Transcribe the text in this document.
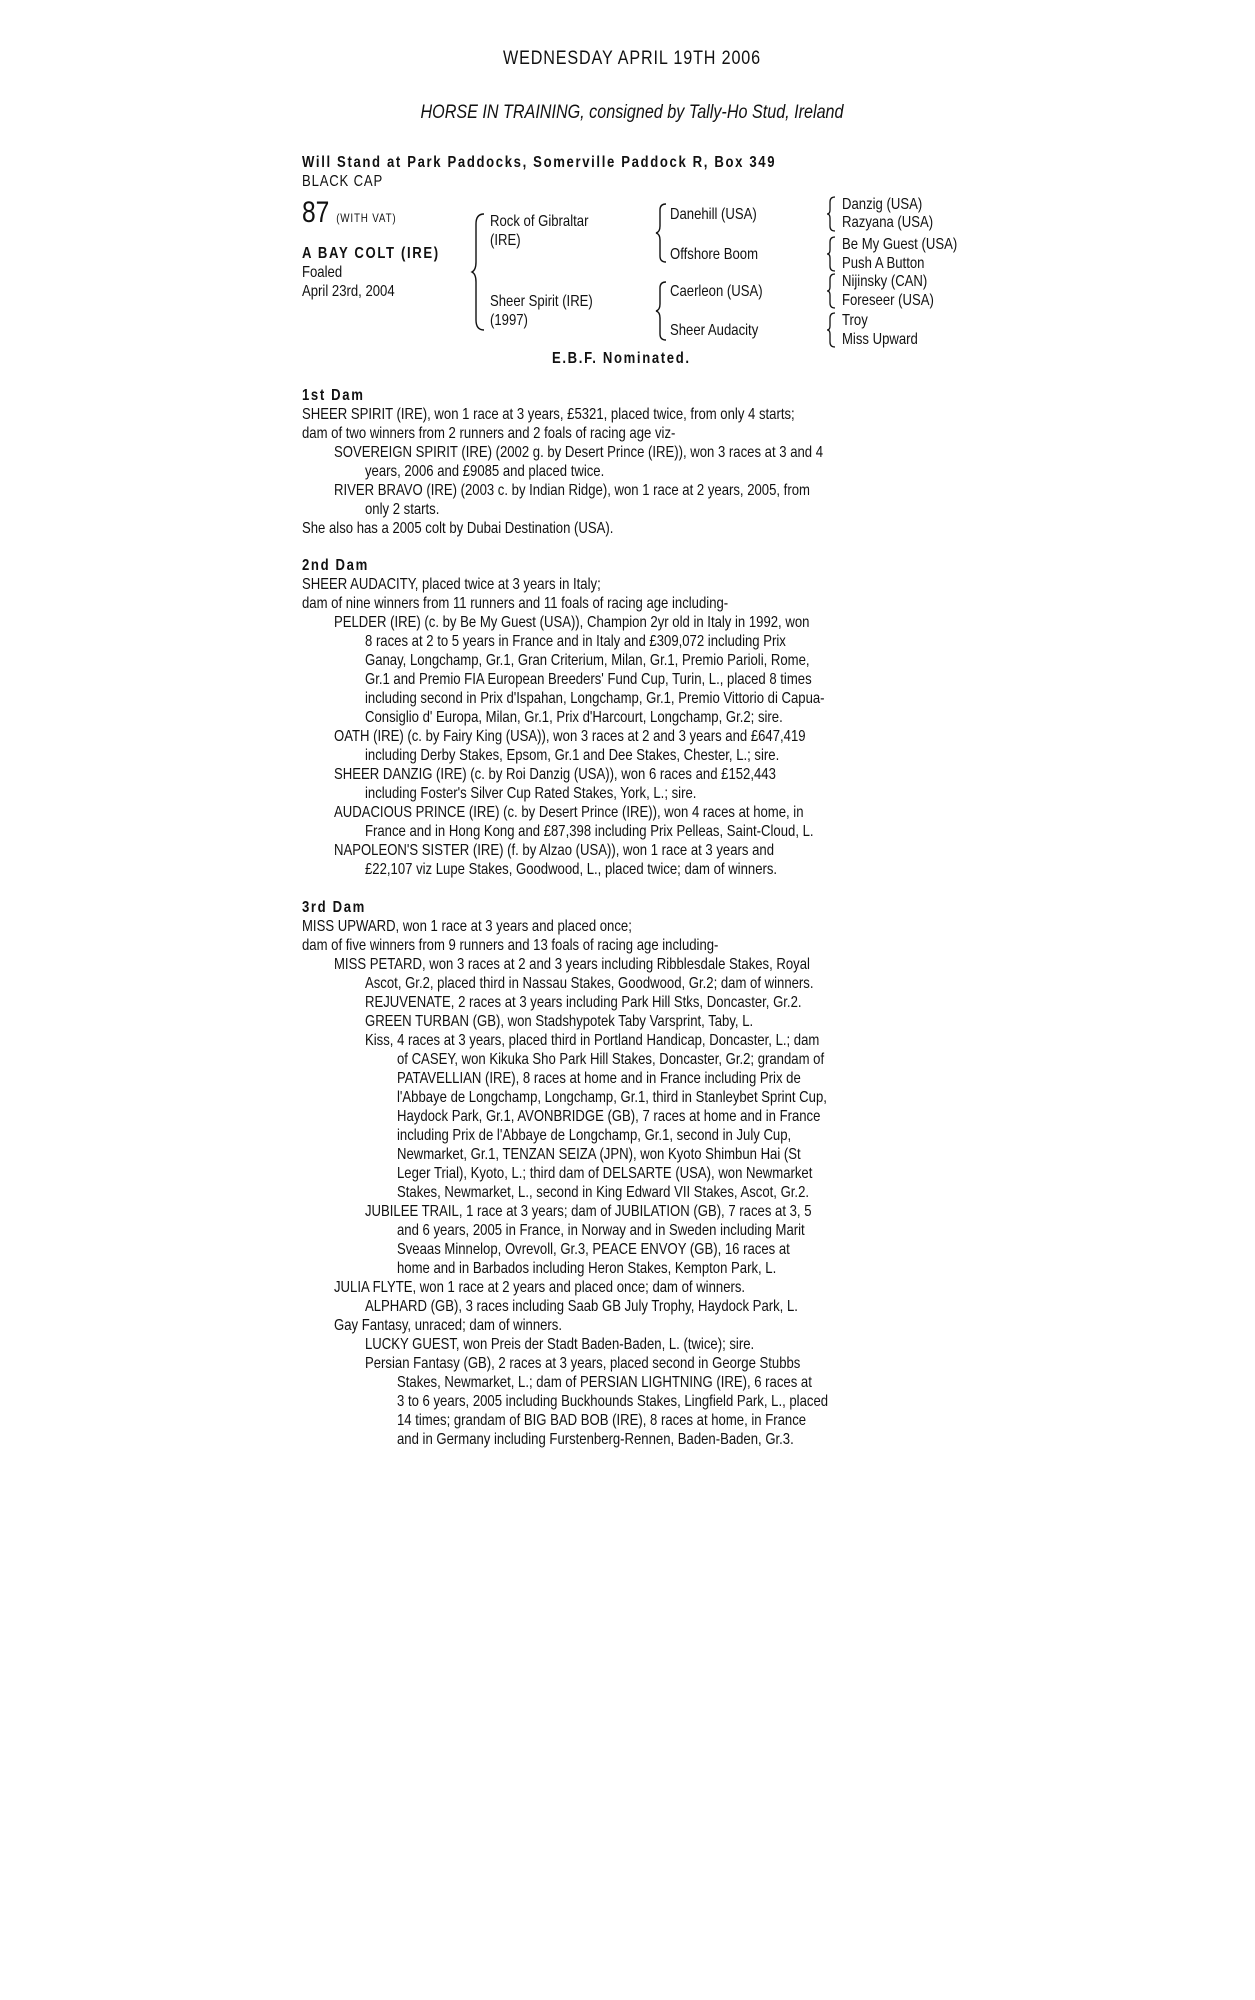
WEDNESDAY APRIL 19TH 2006
HORSE IN TRAINING, consigned by Tally-Ho Stud, Ireland
Will Stand at Park Paddocks, Somerville Paddock R, Box 349
BLACK CAP
87 (WITH VAT)
A BAY COLT (IRE)
Foaled
April 23rd, 2004
Rock of Gibraltar
(IRE)
Sheer Spirit (IRE)
(1997)
Danehill (USA)
Offshore Boom
Caerleon (USA)
Sheer Audacity
Danzig (USA)
Razyana (USA)
Be My Guest (USA)
Push A Button
Nijinsky (CAN)
Foreseer (USA)
Troy
Miss Upward
E.B.F. Nominated.
1st Dam
SHEER SPIRIT (IRE), won 1 race at 3 years, £5321, placed twice, from only 4 starts;
dam of two winners from 2 runners and 2 foals of racing age viz-
SOVEREIGN SPIRIT (IRE) (2002 g. by Desert Prince (IRE)), won 3 races at 3 and 4
years, 2006 and £9085 and placed twice.
RIVER BRAVO (IRE) (2003 c. by Indian Ridge), won 1 race at 2 years, 2005, from
only 2 starts.
She also has a 2005 colt by Dubai Destination (USA).
2nd Dam
SHEER AUDACITY, placed twice at 3 years in Italy;
dam of nine winners from 11 runners and 11 foals of racing age including-
PELDER (IRE) (c. by Be My Guest (USA)), Champion 2yr old in Italy in 1992, won
8 races at 2 to 5 years in France and in Italy and £309,072 including Prix
Ganay, Longchamp, Gr.1, Gran Criterium, Milan, Gr.1, Premio Parioli, Rome,
Gr.1 and Premio FIA European Breeders' Fund Cup, Turin, L., placed 8 times
including second in Prix d'Ispahan, Longchamp, Gr.1, Premio Vittorio di Capua-
Consiglio d' Europa, Milan, Gr.1, Prix d'Harcourt, Longchamp, Gr.2; sire.
OATH (IRE) (c. by Fairy King (USA)), won 3 races at 2 and 3 years and £647,419
including Derby Stakes, Epsom, Gr.1 and Dee Stakes, Chester, L.; sire.
SHEER DANZIG (IRE) (c. by Roi Danzig (USA)), won 6 races and £152,443
including Foster's Silver Cup Rated Stakes, York, L.; sire.
AUDACIOUS PRINCE (IRE) (c. by Desert Prince (IRE)), won 4 races at home, in
France and in Hong Kong and £87,398 including Prix Pelleas, Saint-Cloud, L.
NAPOLEON'S SISTER (IRE) (f. by Alzao (USA)), won 1 race at 3 years and
£22,107 viz Lupe Stakes, Goodwood, L., placed twice; dam of winners.
3rd Dam
MISS UPWARD, won 1 race at 3 years and placed once;
dam of five winners from 9 runners and 13 foals of racing age including-
MISS PETARD, won 3 races at 2 and 3 years including Ribblesdale Stakes, Royal
Ascot, Gr.2, placed third in Nassau Stakes, Goodwood, Gr.2; dam of winners.
REJUVENATE, 2 races at 3 years including Park Hill Stks, Doncaster, Gr.2.
GREEN TURBAN (GB), won Stadshypotek Taby Varsprint, Taby, L.
Kiss, 4 races at 3 years, placed third in Portland Handicap, Doncaster, L.; dam
of CASEY, won Kikuka Sho Park Hill Stakes, Doncaster, Gr.2; grandam of
PATAVELLIAN (IRE), 8 races at home and in France including Prix de
l'Abbaye de Longchamp, Longchamp, Gr.1, third in Stanleybet Sprint Cup,
Haydock Park, Gr.1, AVONBRIDGE (GB), 7 races at home and in France
including Prix de l'Abbaye de Longchamp, Gr.1, second in July Cup,
Newmarket, Gr.1, TENZAN SEIZA (JPN), won Kyoto Shimbun Hai (St
Leger Trial), Kyoto, L.; third dam of DELSARTE (USA), won Newmarket
Stakes, Newmarket, L., second in King Edward VII Stakes, Ascot, Gr.2.
JUBILEE TRAIL, 1 race at 3 years; dam of JUBILATION (GB), 7 races at 3, 5
and 6 years, 2005 in France, in Norway and in Sweden including Marit
Sveaas Minnelop, Ovrevoll, Gr.3, PEACE ENVOY (GB), 16 races at
home and in Barbados including Heron Stakes, Kempton Park, L.
JULIA FLYTE, won 1 race at 2 years and placed once; dam of winners.
ALPHARD (GB), 3 races including Saab GB July Trophy, Haydock Park, L.
Gay Fantasy, unraced; dam of winners.
LUCKY GUEST, won Preis der Stadt Baden-Baden, L. (twice); sire.
Persian Fantasy (GB), 2 races at 3 years, placed second in George Stubbs
Stakes, Newmarket, L.; dam of PERSIAN LIGHTNING (IRE), 6 races at
3 to 6 years, 2005 including Buckhounds Stakes, Lingfield Park, L., placed
14 times; grandam of BIG BAD BOB (IRE), 8 races at home, in France
and in Germany including Furstenberg-Rennen, Baden-Baden, Gr.3.
